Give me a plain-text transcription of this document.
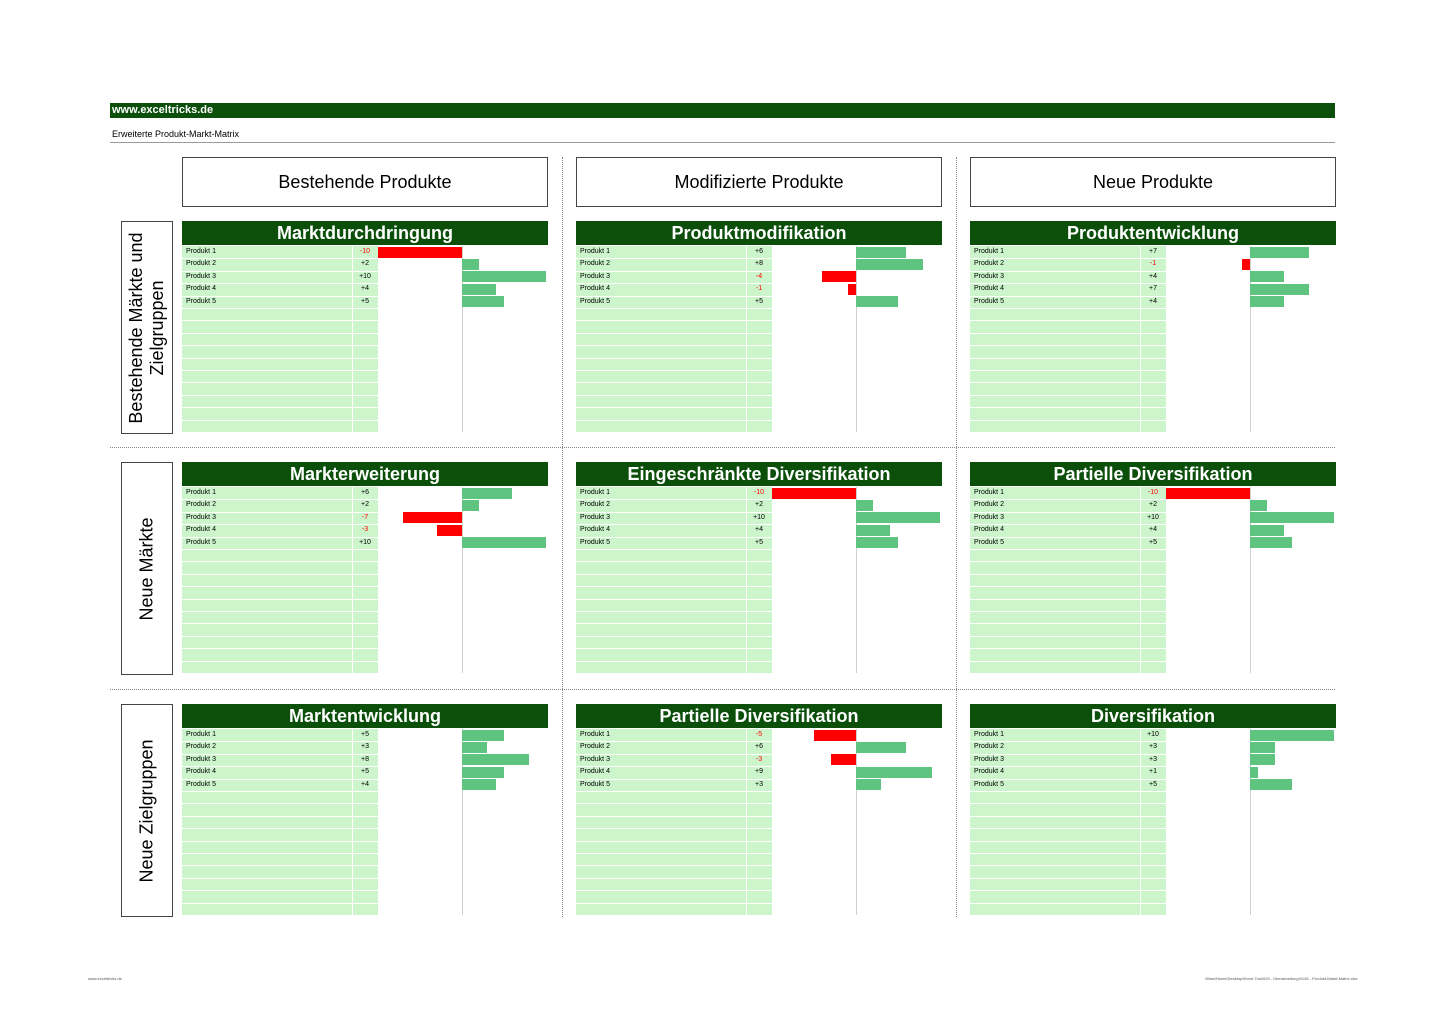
www.exceltricks.de
Erweiterte Produkt-Markt-Matrix
Bestehende Produkte	Modifizierte Produkte	Neue Produkte
Bestehende Märkte und
Zielgruppen
Neue Märkte
Neue Zielgruppen
Marktdurchdringung
Produkt 1	-10
Produkt 2	+2
Produkt 3	+10
Produkt 4	+4
Produkt 5	+5
Produktmodifikation
Produkt 1	+6
Produkt 2	+8
Produkt 3	-4
Produkt 4	-1
Produkt 5	+5
Produktentwicklung
Produkt 1	+7
Produkt 2	-1
Produkt 3	+4
Produkt 4	+7
Produkt 5	+4
Markterweiterung
Produkt 1	+6
Produkt 2	+2
Produkt 3	-7
Produkt 4	-3
Produkt 5	+10
Eingeschränkte Diversifikation
Produkt 1	-10
Produkt 2	+2
Produkt 3	+10
Produkt 4	+4
Produkt 5	+5
Partielle Diversifikation
Produkt 1	-10
Produkt 2	+2
Produkt 3	+10
Produkt 4	+4
Produkt 5	+5
Marktentwicklung
Produkt 1	+5
Produkt 2	+3
Produkt 3	+8
Produkt 4	+5
Produkt 5	+4
Partielle Diversifikation
Produkt 1	-5
Produkt 2	+6
Produkt 3	-3
Produkt 4	+9
Produkt 5	+3
Diversifikation
Produkt 1	+10
Produkt 2	+3
Produkt 3	+3
Produkt 4	+1
Produkt 5	+5
www.exceltricks.de	\\Mac\Home\Desktop\Excel-Tool\025 - Überarbeitung\0145 - Produkt-Markt-Matrix.xlsx
